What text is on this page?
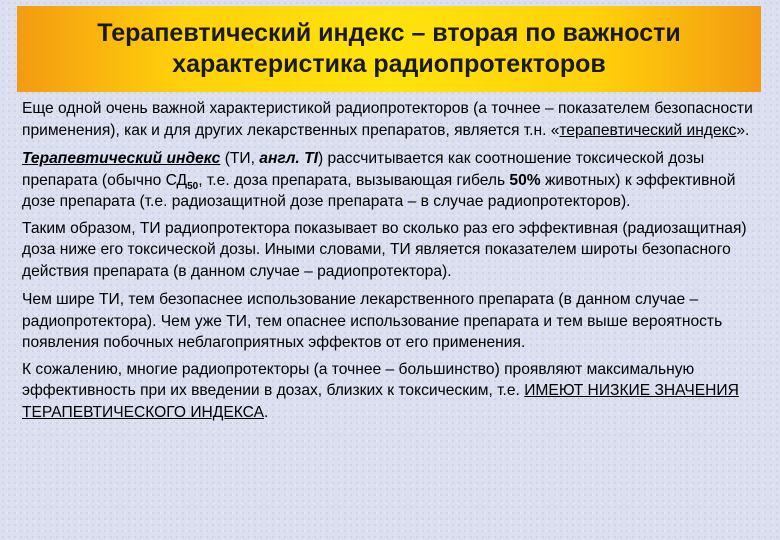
Терапевтический индекс – вторая по важности
характеристика радиопротекторов

Еще одной очень важной характеристикой радиопротекторов (а точнее – показателем безопасности применения), как и для других лекарственных препаратов, является т.н. «терапевтический индекс».

Терапевтический индекс (ТИ, англ. TI) рассчитывается как соотношение токсической дозы препарата (обычно $СД_{50}$, т.е. доза препарата, вызывающая гибель 50% животных) к эффективной дозе препарата (т.е. радиозащитной дозе препарата – в случае радиопротекторов).

Таким образом, ТИ радиопротектора показывает во сколько раз его эффективная (радиозащитная) доза ниже его токсической дозы. Иными словами, ТИ является показателем широты безопасного действия препарата (в данном случае – радиопротектора).

Чем шире ТИ, тем безопаснее использование лекарственного препарата (в данном случае – радиопротектора). Чем уже ТИ, тем опаснее использование препарата и тем выше вероятность появления побочных неблагоприятных эффектов от его применения.

К сожалению, многие радиопротекторы (а точнее – большинство) проявляют максимальную эффективность при их введении в дозах, близких к токсическим, т.е. ИМЕЮТ НИЗКИЕ ЗНАЧЕНИЯ ТЕРАПЕВТИЧЕСКОГО ИНДЕКСА.
